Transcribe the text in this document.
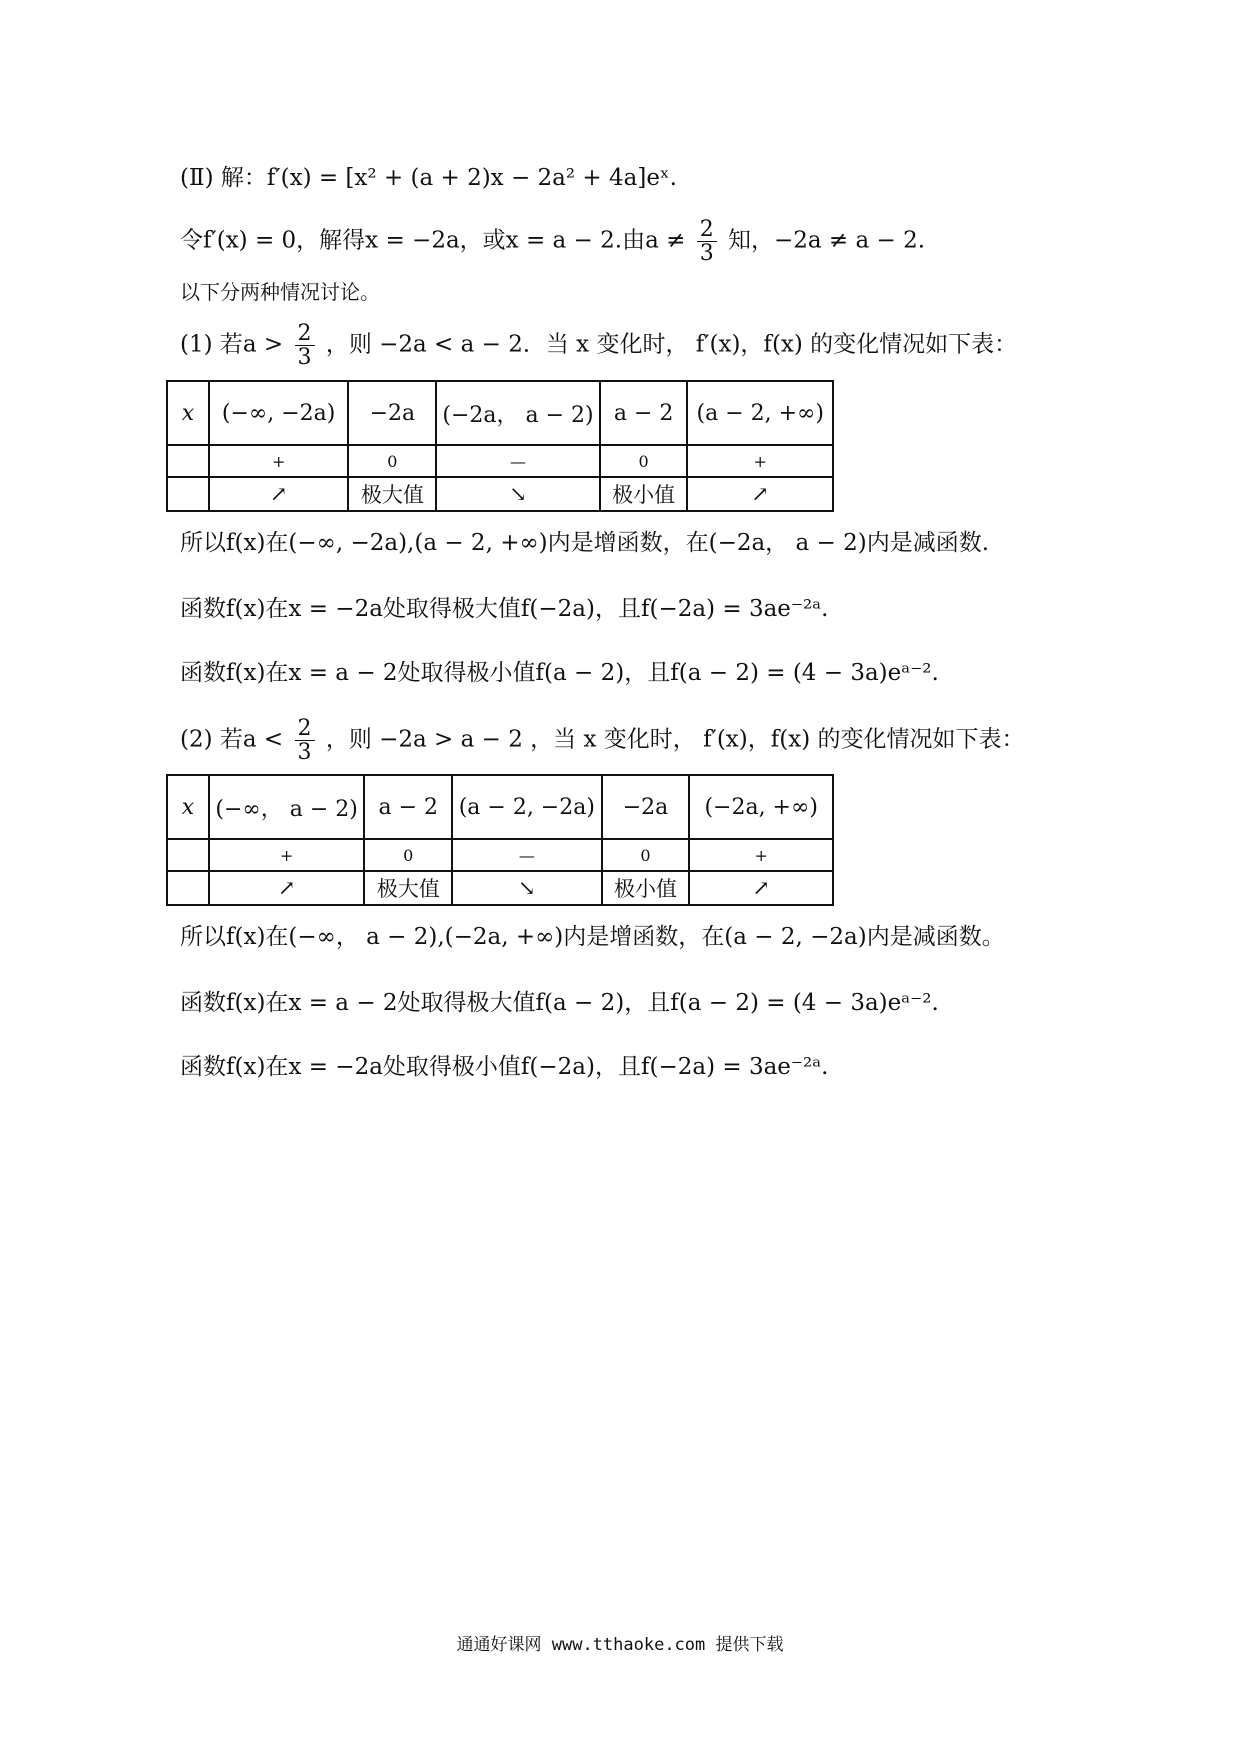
(Ⅱ) 解：f′(x) = [x² + (a + 2)x − 2a² + 4a]eˣ.
令f′(x) = 0，解得x = −2a，或x = a − 2.由$a \ne \frac{2}{3}$ 知，−2a ≠ a − 2.
以下分两种情况讨论。
(1) 若$a > \frac{2}{3}$ ，则 −2a < a − 2．当 x 变化时， f′(x)，f(x) 的变化情况如下表：
x	(−∞, −2a)	−2a	(−2a， a − 2)	a − 2	(a − 2, +∞)
	+	0	—	0	+
	↗	极大值	↘	极小值	↗
所以f(x)在(−∞, −2a),(a − 2, +∞)内是增函数，在(−2a， a − 2)内是减函数.
函数f(x)在x = −2a处取得极大值f(−2a)，且f(−2a) = 3ae⁻²ᵃ.
函数f(x)在x = a − 2处取得极小值f(a − 2)，且f(a − 2) = (4 − 3a)eᵃ⁻².
(2) 若$a < \frac{2}{3}$ ，则 −2a > a − 2 ，当 x 变化时， f′(x)，f(x) 的变化情况如下表：
x	(−∞， a − 2)	a − 2	(a − 2, −2a)	−2a	(−2a, +∞)
	+	0	—	0	+
	↗	极大值	↘	极小值	↗
所以f(x)在(−∞， a − 2),(−2a, +∞)内是增函数，在(a − 2, −2a)内是减函数。
函数f(x)在x = a − 2处取得极大值f(a − 2)，且f(a − 2) = (4 − 3a)eᵃ⁻².
函数f(x)在x = −2a处取得极小值f(−2a)，且f(−2a) = 3ae⁻²ᵃ.
通通好课网 www.tthaoke.com 提供下载
